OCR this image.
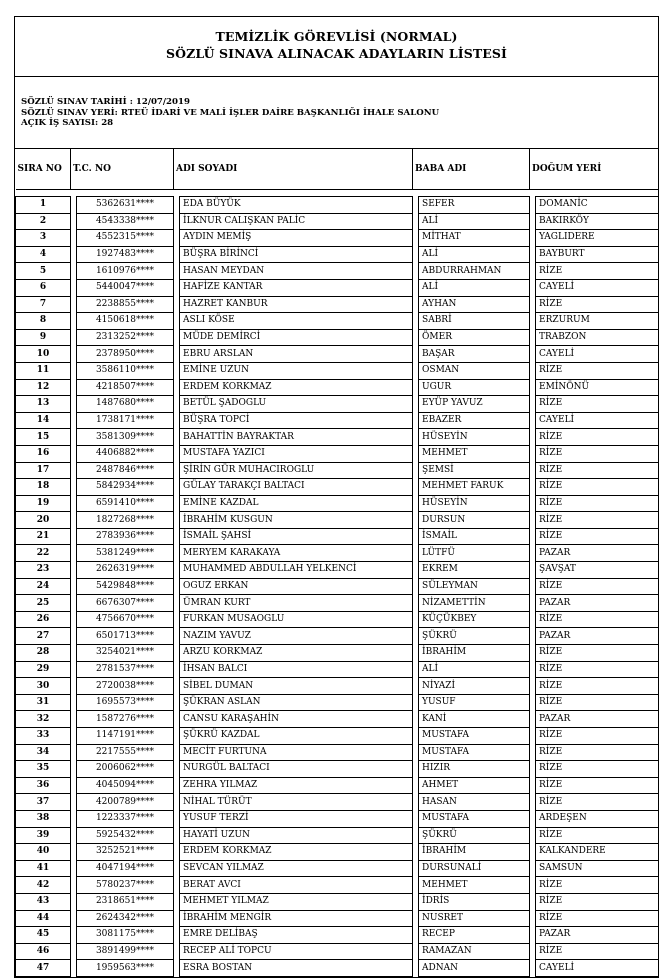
TEMİZLİK GÖREVLİSİ (NORMAL)
SÖZLÜ SINAVA ALINACAK ADAYLARIN LİSTESİ
SÖZLÜ SINAV TARİHİ : 12/07/2019
SÖZLÜ SINAV YERİ: RTEÜ İDARİ VE MALİ İŞLER DAİRE BAŞKANLIĞI İHALE SALONU
AÇIK İŞ SAYISI: 28
SIRA NO	T.C. NO		ADI SOYADI		BABA ADI		DOĞUM YERİ	

1		5362631****		EDA BÜYÜK		SEFER		DOMANİC
2		4543338****		İLKNUR CALIŞKAN PALİC		ALİ		BAKIRKÖY
3		4552315****		AYDIN MEMİŞ		MİTHAT		YAGLIDERE
4		1927483****		BÜŞRA BİRİNCİ		ALİ		BAYBURT
5		1610976****		HASAN MEYDAN		ABDURRAHMAN		RİZE
6		5440047****		HAFİZE KANTAR		ALİ		CAYELİ
7		2238855****		HAZRET KANBUR		AYHAN		RİZE
8		4150618****		ASLI KÖSE		SABRİ		ERZURUM
9		2313252****		MÜDE DEMİRCİ		ÖMER		TRABZON
10		2378950****		EBRU ARSLAN		BAŞAR		CAYELİ
11		3586110****		EMİNE UZUN		OSMAN		RİZE
12		4218507****		ERDEM KORKMAZ		UGUR		EMİNÖNÜ
13		1487680****		BETÜL ŞADOGLU		EYÜP YAVUZ		RİZE
14		1738171****		BÜŞRA TOPCİ		EBAZER		CAYELİ
15		3581309****		BAHATTİN BAYRAKTAR		HÜSEYİN		RİZE
16		4406882****		MUSTAFA YAZICI		MEHMET		RİZE
17		2487846****		ŞİRİN GÜR MUHACIROGLU		ŞEMSİ		RİZE
18		5842934****		GÜLAY TARAKÇI BALTACI		MEHMET FARUK		RİZE
19		6591410****		EMİNE KAZDAL		HÜSEYİN		RİZE
20		1827268****		İBRAHİM KUSGUN		DURSUN		RİZE
21		2783936****		İSMAİL ŞAHSİ		İSMAİL		RİZE
22		5381249****		MERYEM KARAKAYA		LÜTFÜ		PAZAR
23		2626319****		MUHAMMED ABDULLAH YELKENCİ		EKREM		ŞAVŞAT
24		5429848****		OGUZ ERKAN		SÜLEYMAN		RİZE
25		6676307****		ÜMRAN KURT		NİZAMETTİN		PAZAR
26		4756670****		FURKAN MUSAOGLU		KÜÇÜKBEY		RİZE
27		6501713****		NAZIM YAVUZ		ŞÜKRÜ		PAZAR
28		3254021****		ARZU KORKMAZ		İBRAHİM		RİZE
29		2781537****		İHSAN BALCI		ALİ		RİZE
30		2720038****		SİBEL DUMAN		NİYAZİ		RİZE
31		1695573****		ŞÜKRAN ASLAN		YUSUF		RİZE
32		1587276****		CANSU KARAŞAHİN		KANİ		PAZAR
33		1147191****		ŞÜKRÜ KAZDAL		MUSTAFA		RİZE
34		2217555****		MECİT FURTUNA		MUSTAFA		RİZE
35		2006062****		NURGÜL BALTACI		HIZIR		RİZE
36		4045094****		ZEHRA YILMAZ		AHMET		RİZE
37		4200789****		NİHAL TÜRÜT		HASAN		RİZE
38		1223337****		YUSUF TERZİ		MUSTAFA		ARDEŞEN
39		5925432****		HAYATİ UZUN		ŞÜKRÜ		RİZE
40		3252521****		ERDEM KORKMAZ		İBRAHİM		KALKANDERE
41		4047194****		SEVCAN YILMAZ		DURSUNALİ		SAMSUN
42		5780237****		BERAT AVCI		MEHMET		RİZE
43		2318651****		MEHMET YILMAZ		İDRİS		RİZE
44		2624342****		İBRAHİM MENGİR		NUSRET		RİZE
45		3081175****		EMRE DELİBAŞ		RECEP		PAZAR
46		3891499****		RECEP ALİ TOPCU		RAMAZAN		RİZE
47		1959563****		ESRA BOSTAN		ADNAN		CAYELİ
